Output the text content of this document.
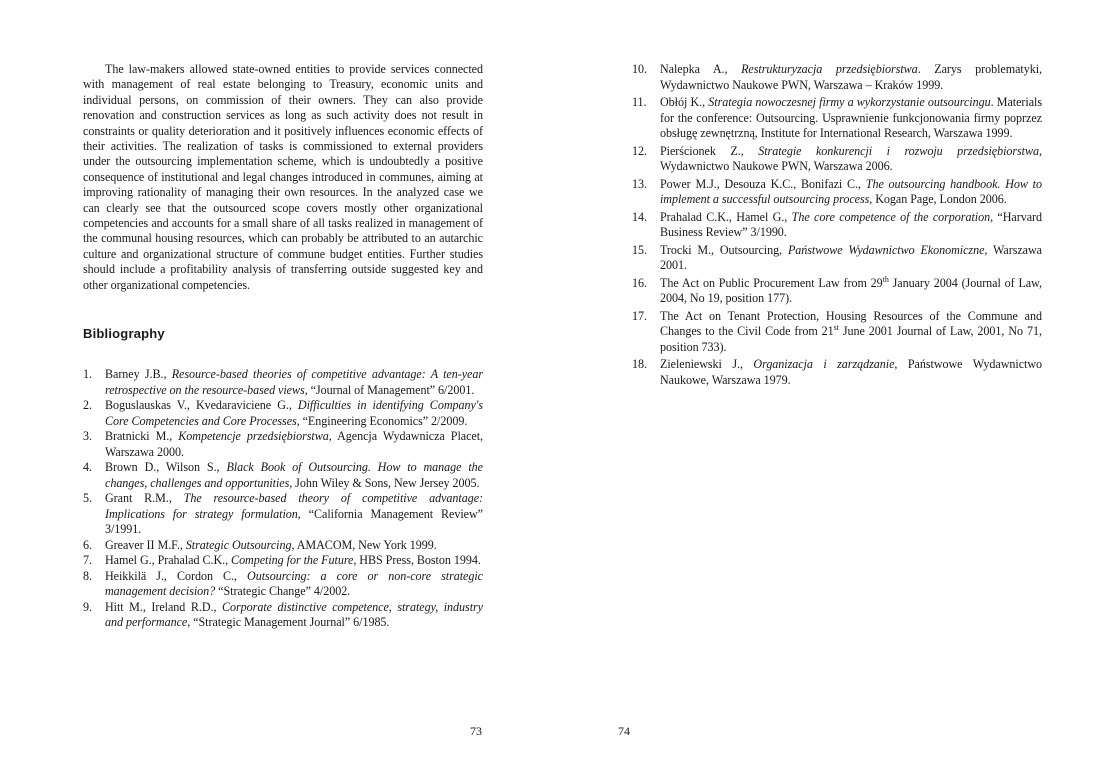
The law-makers allowed state-owned entities to provide services connected with management of real estate belonging to Treasury, economic units and individual persons, on commission of their owners. They can also provide renovation and construction services as long as such activity does not result in constraints or quality deterioration and it positively influences economic effects of their activities. The realization of tasks is commissioned to external providers under the outsourcing implementation scheme, which is undoubtedly a positive consequence of institutional and legal changes introduced in communes, aiming at improving rationality of managing their own resources. In the analyzed case we can clearly see that the outsourced scope covers mostly other organizational competencies and accounts for a small share of all tasks realized in management of the communal housing resources, which can probably be attributed to an autarchic culture and organizational structure of commune budget entities. Further studies should include a profitability analysis of transferring outside suggested key and other organizational competencies.

Bibliography
1. Barney J.B., Resource-based theories of competitive advantage: A ten-year retrospective on the resource-based views, “Journal of Management” 6/2001.
2. Boguslauskas V., Kvedaraviciene G., Difficulties in identifying Company's Core Competencies and Core Processes, “Engineering Economics” 2/2009.
3. Bratnicki M., Kompetencje przedsiębiorstwa, Agencja Wydawnicza Placet, Warszawa 2000.
4. Brown D., Wilson S., Black Book of Outsourcing. How to manage the changes, challenges and opportunities, John Wiley & Sons, New Jersey 2005.
5. Grant R.M., The resource-based theory of competitive advantage: Implications for strategy formulation, “California Management Review” 3/1991.
6. Greaver II M.F., Strategic Outsourcing, AMACOM, New York 1999.
7. Hamel G., Prahalad C.K., Competing for the Future, HBS Press, Boston 1994.
8. Heikkilä J., Cordon C., Outsourcing: a core or non-core strategic management decision? “Strategic Change” 4/2002.
9. Hitt M., Ireland R.D., Corporate distinctive competence, strategy, industry and performance, “Strategic Management Journal” 6/1985.
73
10. Nalepka A., Restrukturyzacja przedsiębiorstwa. Zarys problematyki, Wydawnictwo Naukowe PWN, Warszawa – Kraków 1999.
11. Obłój K., Strategia nowoczesnej firmy a wykorzystanie outsourcingu. Materials for the conference: Outsourcing. Usprawnienie funkcjonowania firmy poprzez obsługę zewnętrzną, Institute for International Research, Warszawa 1999.
12. Pierścionek Z., Strategie konkurencji i rozwoju przedsiębiorstwa, Wydawnictwo Naukowe PWN, Warszawa 2006.
13. Power M.J., Desouza K.C., Bonifazi C., The outsourcing handbook. How to implement a successful outsourcing process, Kogan Page, London 2006.
14. Prahalad C.K., Hamel G., The core competence of the corporation, “Harvard Business Review” 3/1990.
15. Trocki M., Outsourcing, Państwowe Wydawnictwo Ekonomiczne, Warszawa 2001.
16. The Act on Public Procurement Law from 29th January 2004 (Journal of Law, 2004, No 19, position 177).
17. The Act on Tenant Protection, Housing Resources of the Commune and Changes to the Civil Code from 21st June 2001 Journal of Law, 2001, No 71, position 733).
18. Zieleniewski J., Organizacja i zarządzanie, Państwowe Wydawnictwo Naukowe, Warszawa 1979.
74
